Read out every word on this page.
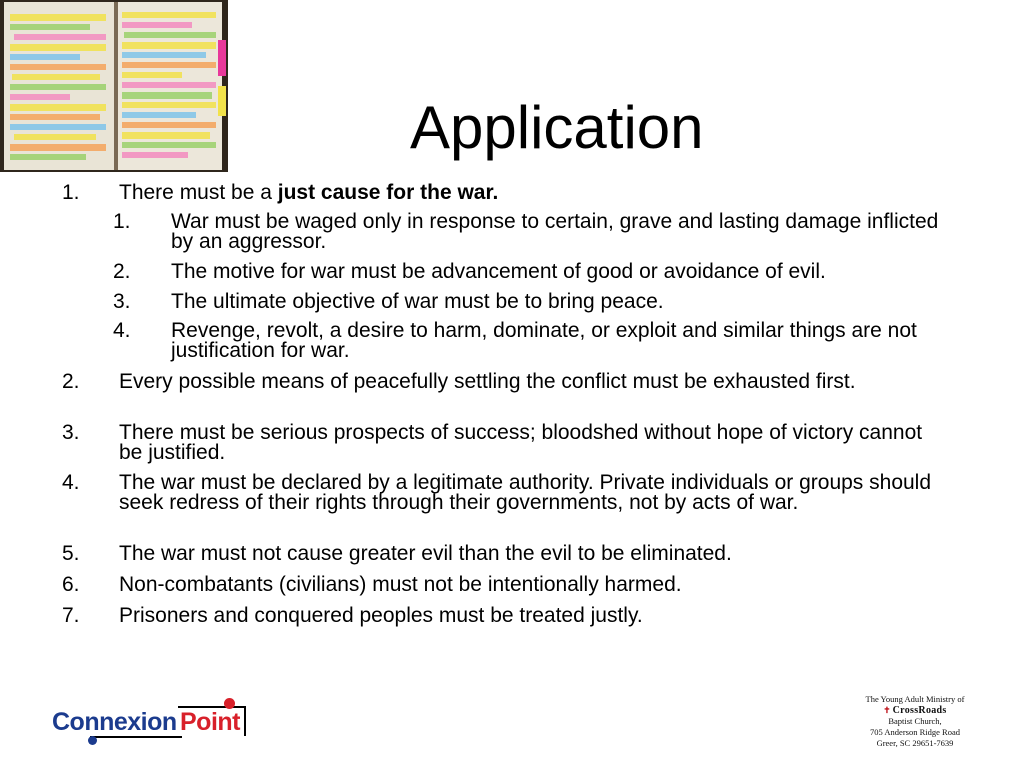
Application
1. There must be a just cause for the war.
1. War must be waged only in response to certain, grave and lasting damage inflicted by an aggressor.
2. The motive for war must be advancement of good or avoidance of evil.
3. The ultimate objective of war must be to bring peace.
4. Revenge, revolt, a desire to harm, dominate, or exploit and similar things are not justification for war.
2. Every possible means of peacefully settling the conflict must be exhausted first.
3. There must be serious prospects of success; bloodshed without hope of victory cannot be justified.
4. The war must be declared by a legitimate authority. Private individuals or groups should seek redress of their rights through their governments, not by acts of war.
5. The war must not cause greater evil than the evil to be eliminated.
6. Non-combatants (civilians) must not be intentionally harmed.
7. Prisoners and conquered peoples must be treated justly.
Connexion Point
The Young Adult Ministry of
✝ CrossRoads
Baptist Church,
705 Anderson Ridge Road
Greer, SC 29651-7639
